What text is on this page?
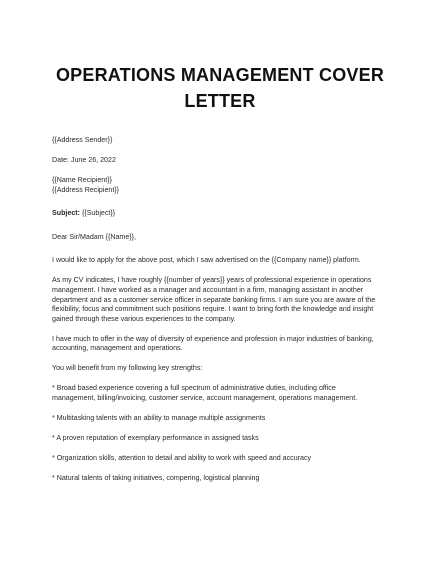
OPERATIONS MANAGEMENT COVER
LETTER

{{Address Sender}}

Date: June 26, 2022

{{Name Recipient}}

{{Address Recipient}}

Subject: {{Subject}}

Dear Sir/Madam {{Name}},

I would like to apply for the above post, which I saw advertised on the {{Company name}} platform.

As my CV indicates, I have roughly {{number of years}} years of professional experience in operations

management. I have worked as a manager and accountant in a firm, managing assistant in another

department and as a customer service officer in separate banking firms. I am sure you are aware of the

flexibility, focus and commitment such positions require. I want to bring forth the knowledge and insight

gained through these various experiences to the company.

I have much to offer in the way of diversity of experience and profession in major industries of banking,

accounting, management and operations.

You will benefit from my following key strengths:

* Broad based experience covering a full spectrum of administrative duties, including office

management, billing/invoicing, customer service, account management, operations management.

* Multitasking talents with an ability to manage multiple assignments

* A proven reputation of exemplary performance in assigned tasks

* Organization skills, attention to detail and ability to work with speed and accuracy

* Natural talents of taking initiatives, compering, logistical planning
